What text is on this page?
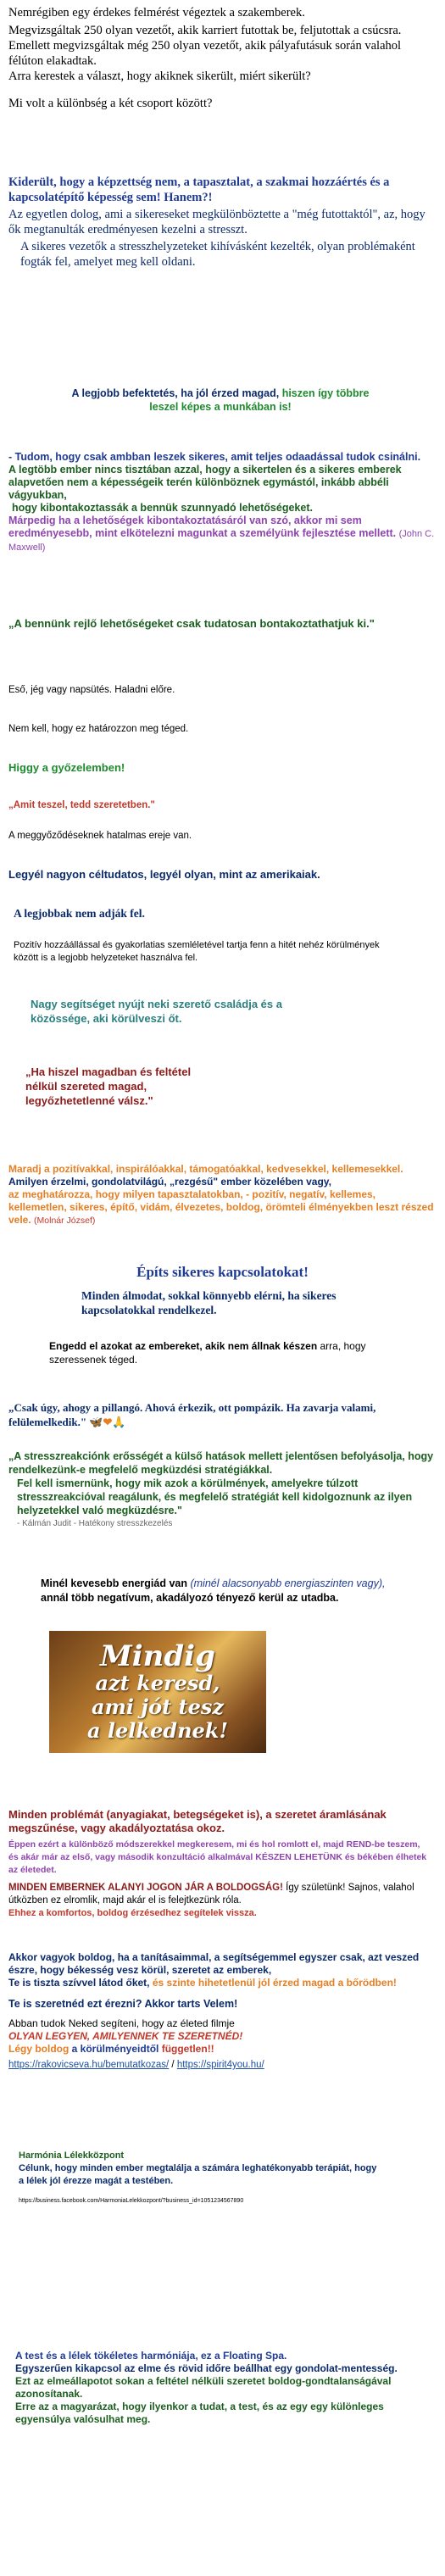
Nemrégiben egy érdekes felmérést végeztek a szakemberek.

Megvizsgáltak 250 olyan vezetőt, akik karriert futottak be, feljutottak a csúcsra. Emellett megvizsgáltak még 250 olyan vezetőt, akik pályafutásuk során valahol félúton elakadtak.

Arra kerestek a választ, hogy akiknek sikerült, miért sikerült?

Mi volt a különbség a két csoport között?

Kiderült, hogy a képzettség nem, a tapasztalat, a szakmai hozzáértés és a kapcsolatépítő képesség sem! Hanem?!

Az egyetlen dolog, ami a sikereseket megkülönböztette a "még futottaktól", az, hogy ők megtanulták eredményesen kezelni a stresszt.

A sikeres vezetők a stresszhelyzeteket kihívásként kezelték, olyan problémaként fogták fel, amelyet meg kell oldani.

A legjobb befektetés, ha jól érzed magad, hiszen így többre leszel képes a munkában is!

- Tudom, hogy csak ambban leszek sikeres, amit teljes odaadással tudok csinálni.

A legtöbb ember nincs tisztában azzal, hogy a sikertelen és a sikeres emberek alapvetően nem a képességeik terén különböznek egymástól, inkább abbéli vágyukban,

hogy kibontakoztassák a bennük szunnyadó lehetőségeket.

Márpedig ha a lehetőségek kibontakoztatásáról van szó, akkor mi sem eredményesebb, mint elkötelezni magunkat a személyünk fejlesztése mellett. (John C. Maxwell)

„A bennünk rejlő lehetőségeket csak tudatosan bontakoztathatjuk ki."
Eső, jég vagy napsütés. Haladni előre.
Nem kell, hogy ez határozzon meg téged.
Higgy a győzelemben!
„Amit teszel, tedd szeretetben."
A meggyőződéseknek hatalmas ereje van.
Legyél nagyon céltudatos, legyél olyan, mint az amerikaiak.
A legjobbak nem adják fel.
Pozitív hozzáállással és gyakorlatias szemléletével tartja fenn a hitét nehéz körülmények között is a legjobb helyzeteket használva fel.
Nagy segítséget nyújt neki szerető családja és a közössége, aki körülveszi őt.
„Ha hiszel magadban és feltétel nélkül szereted magad, legyőzhetetlenné válsz."

Maradj a pozitívakkal, inspirálóakkal, támogatóakkal, kedvesekkel, kellemesekkel.

Amilyen érzelmi, gondolatvilágú, „rezgésű" ember közelében vagy,

az meghatározza, hogy milyen tapasztalatokban, - pozitív, negatív, kellemes, kellemetlen, sikeres, építő, vidám, élvezetes, boldog, örömteli élményekben leszt részed vele. (Molnár József)

Építs sikeres kapcsolatokat!
Minden álmodat, sokkal könnyebb elérni, ha sikeres kapcsolatokkal rendelkezel.
Engedd el azokat az embereket, akik nem állnak készen arra, hogy szeressenek téged.
„Csak úgy, ahogy a pillangó. Ahová érkezik, ott pompázik. Ha zavarja valami, felülemelkedik." 🦋❤🙏

„A stresszreakciónk erősségét a külső hatások mellett jelentősen befolyásolja, hogy rendelkezünk-e megfelelő megküzdési stratégiákkal.

Fel kell ismernünk, hogy mik azok a körülmények, amelyekre túlzott stresszreakcióval reagálunk, és megfelelő stratégiát kell kidolgoznunk az ilyen helyzetekkel való megküzdésre."

- Kálmán Judit - Hatékony stresszkezelés

Minél kevesebb energiád van (minél alacsonyabb energiaszinten vagy), annál több negatívum, akadályozó tényező kerül az utadba.
Mindig
azt keresd,
ami jót tesz
a lelkednek!

Minden problémát (anyagiakat, betegségeket is), a szeretet áramlásának megszűnése, vagy akadályoztatása okoz.

Éppen ezért a különböző módszerekkel megkeresem, mi és hol romlott el, majd REND-be teszem,

és akár már az első, vagy második konzultáció alkalmával KÉSZEN LEHETÜNK és békében élhetek az életedet.

MINDEN EMBERNEK ALANYI JOGON JÁR A BOLDOGSÁG! Így születünk! Sajnos, valahol útközben ez elromlik, majd akár el is felejtkezünk róla.

Ehhez a komfortos, boldog érzésedhez segítelek vissza.

Akkor vagyok boldog, ha a tanításaimmal, a segítségemmel egyszer csak, azt veszed észre, hogy békesség vesz körül, szeretet az emberek,

Te is tiszta szívvel látod őket, és szinte hihetetlenül jól érzed magad a bőrödben!

Te is szeretnéd ezt érezni? Akkor tarts Velem!

Abban tudok Neked segíteni, hogy az életed filmje

OLYAN LEGYEN, AMILYENNEK TE SZERETNÉD!

Légy boldog a körülményeidtől független!!

https://rakovicseva.hu/bemutatkozas/ / https://spirit4you.hu/

Harmónia Lélekközpont

Célunk, hogy minden ember megtalálja a számára leghatékonyabb terápiát, hogy a lélek jól érezze magát a testében.

https://business.facebook.com/HarmoniaLelekkozpont/?business_id=1051234567890

A test és a lélek tökéletes harmóniája, ez a Floating Spa.

Egyszerűen kikapcsol az elme és rövid időre beállhat egy gondolat-mentesség.

Ezt az elmeállapotot sokan a feltétel nélküli szeretet boldog-gondtalanságával azonosítanak.

Erre az a magyarázat, hogy ilyenkor a tudat, a test, és az egy egy különleges egyensúlya valósulhat meg.
